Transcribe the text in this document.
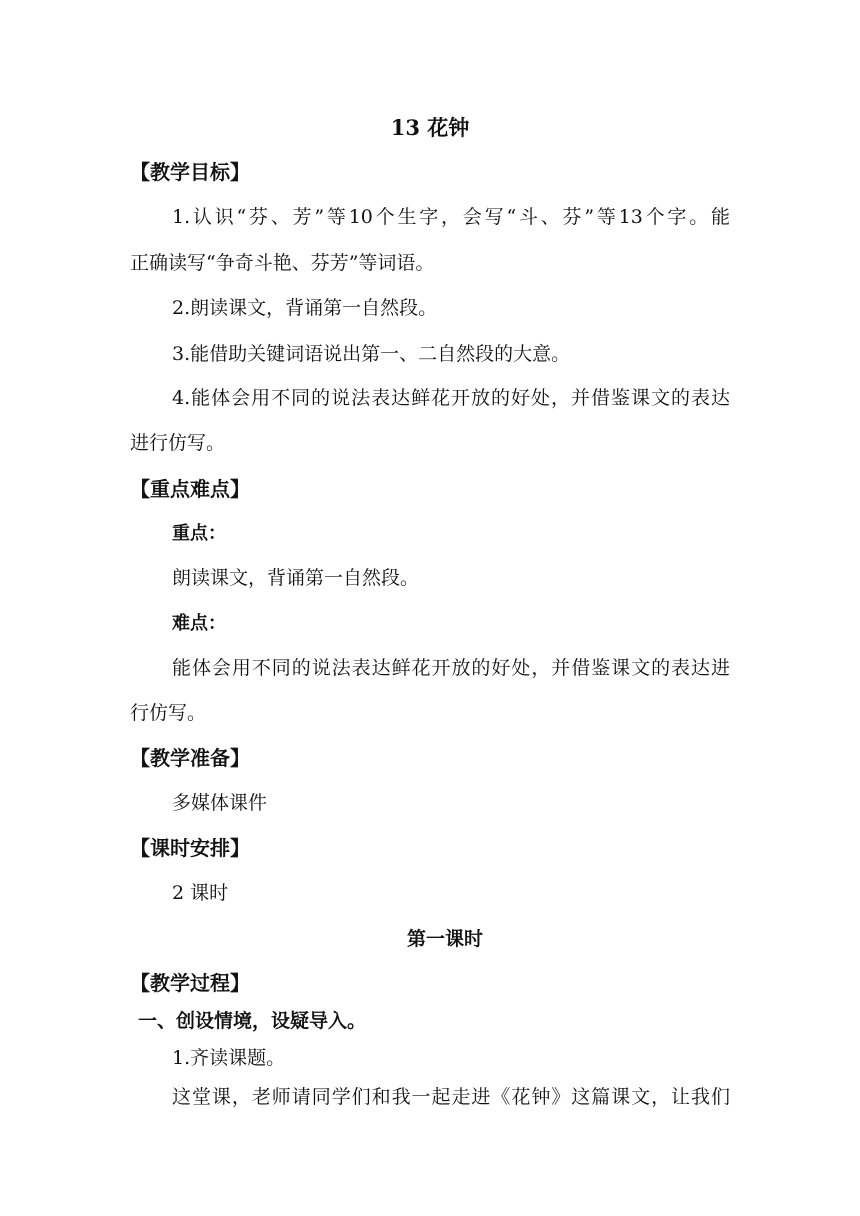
13 花钟
【教学目标】
1.认识“芬、芳”等10个生字，会写“斗、芬”等13个字。能
正确读写“争奇斗艳、芬芳”等词语。
2.朗读课文，背诵第一自然段。
3.能借助关键词语说出第一、二自然段的大意。
4.能体会用不同的说法表达鲜花开放的好处，并借鉴课文的表达
进行仿写。
【重点难点】
重点：
朗读课文，背诵第一自然段。
难点：
能体会用不同的说法表达鲜花开放的好处，并借鉴课文的表达进
行仿写。
【教学准备】
多媒体课件
【课时安排】
2 课时
第一课时
【教学过程】
一、创设情境，设疑导入。
1.齐读课题。
这堂课，老师请同学们和我一起走进《花钟》这篇课文，让我们
